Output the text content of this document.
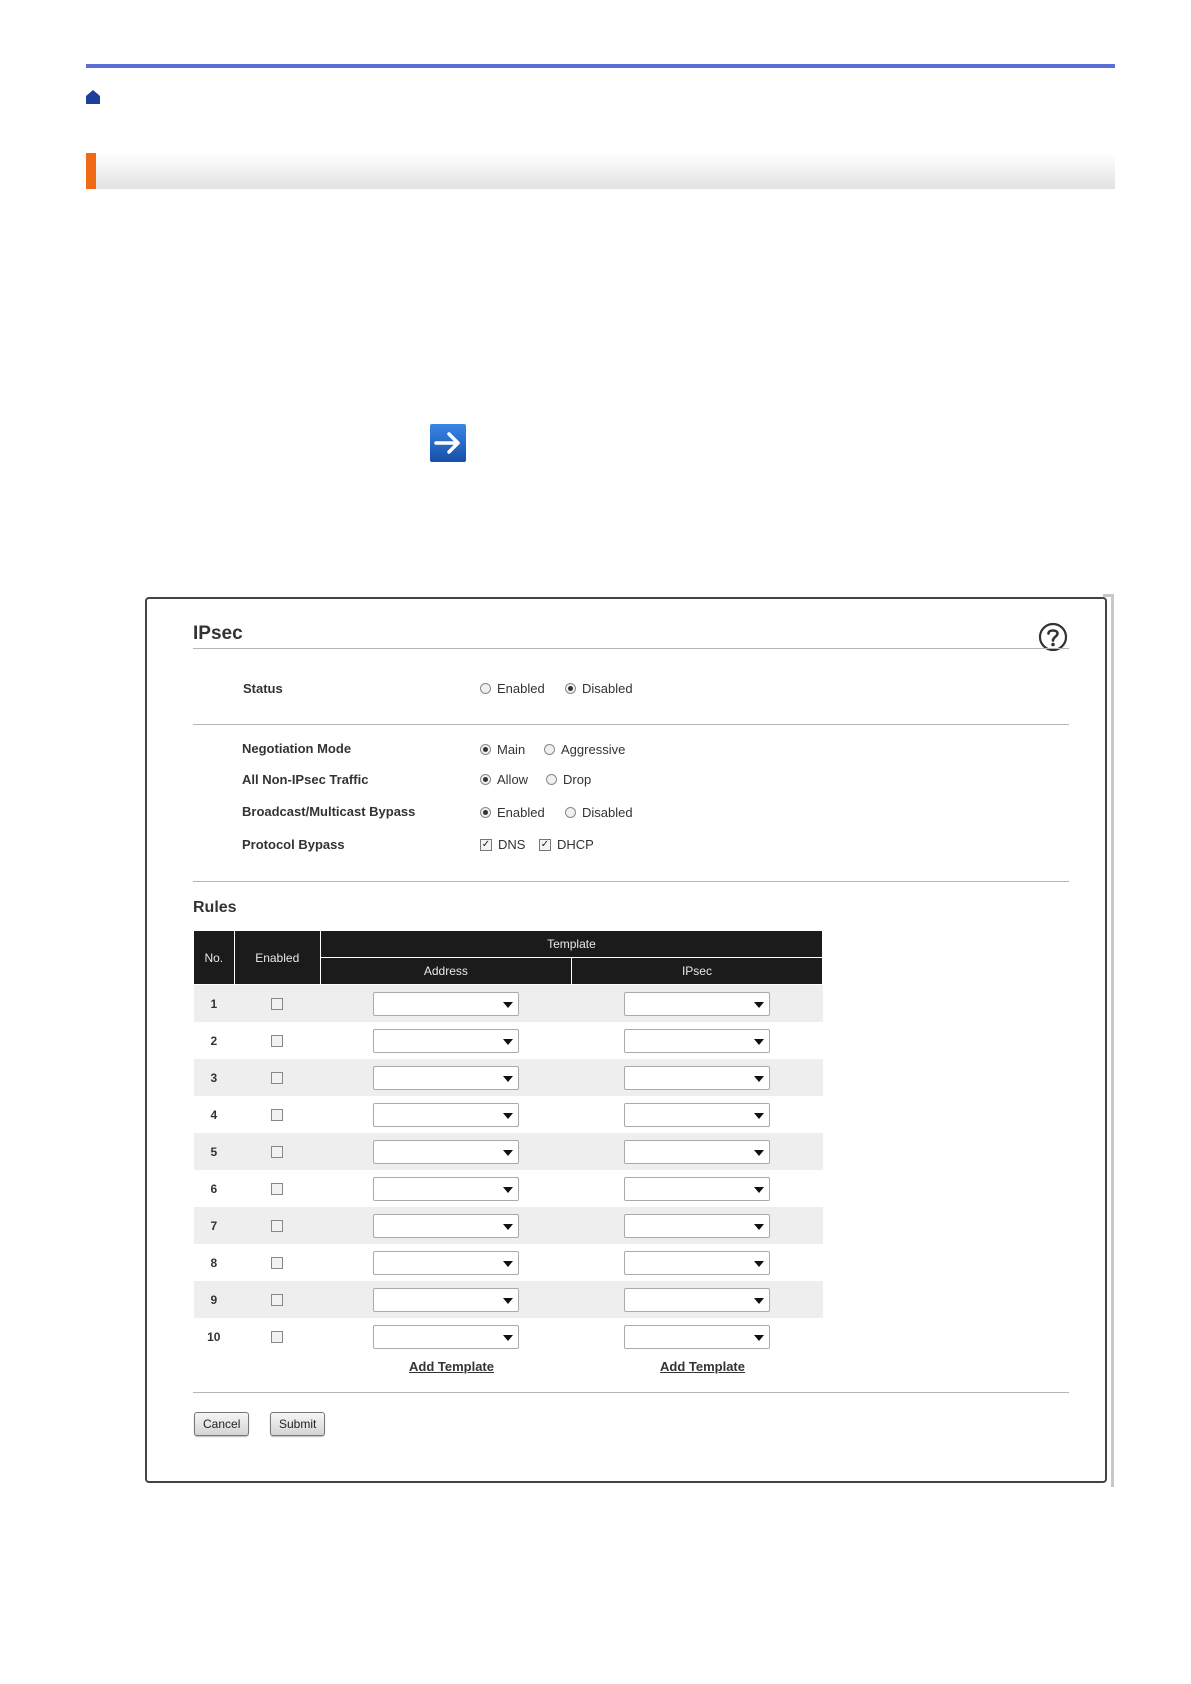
IPsec
Status	Enabled	Disabled
Negotiation Mode	Main	Aggressive
All Non-IPsec Traffic	Allow	Drop
Broadcast/Multicast Bypass	Enabled	Disabled
Protocol Bypass	✓ DNS ✓ DHCP
Rules
No.	Enabled	Template	
		Address	IPsec
1			
2			
3			
4			
5			
6			
7			
8			
9			
10			
Add Template	Add Template
Cancel	Submit
